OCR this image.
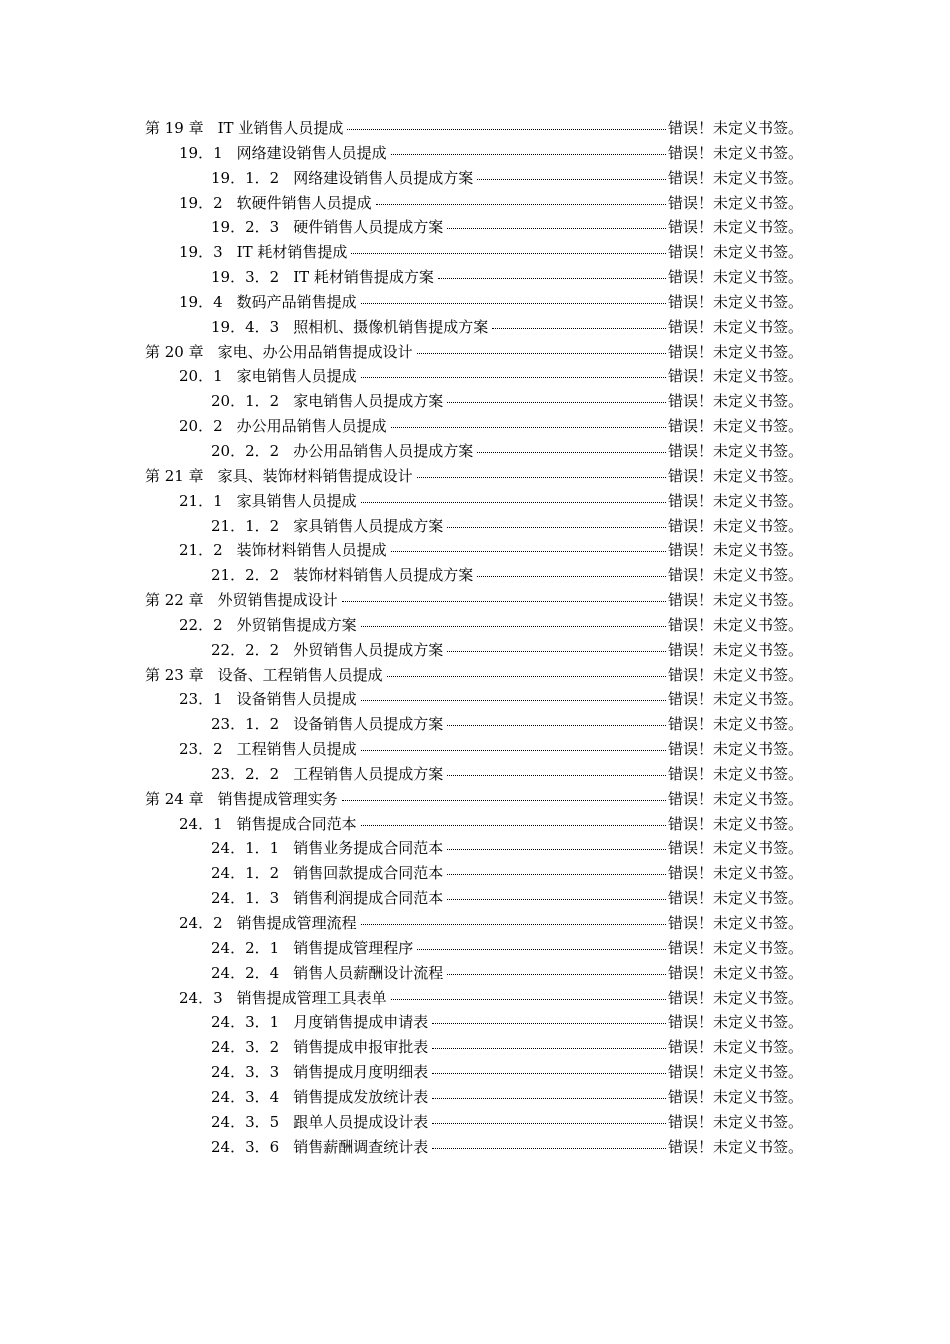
第 19 章 IT 业销售人员提成	错误！未定义书签。
19．1 网络建设销售人员提成	错误！未定义书签。
19．1．2 网络建设销售人员提成方案	错误！未定义书签。
19．2 软硬件销售人员提成	错误！未定义书签。
19．2．3 硬件销售人员提成方案	错误！未定义书签。
19．3 IT 耗材销售提成	错误！未定义书签。
19．3．2 IT 耗材销售提成方案	错误！未定义书签。
19．4 数码产品销售提成	错误！未定义书签。
19．4．3 照相机、摄像机销售提成方案	错误！未定义书签。
第 20 章 家电、办公用品销售提成设计	错误！未定义书签。
20．1 家电销售人员提成	错误！未定义书签。
20．1．2 家电销售人员提成方案	错误！未定义书签。
20．2 办公用品销售人员提成	错误！未定义书签。
20．2．2 办公用品销售人员提成方案	错误！未定义书签。
第 21 章 家具、装饰材料销售提成设计	错误！未定义书签。
21．1 家具销售人员提成	错误！未定义书签。
21．1．2 家具销售人员提成方案	错误！未定义书签。
21．2 装饰材料销售人员提成	错误！未定义书签。
21．2．2 装饰材料销售人员提成方案	错误！未定义书签。
第 22 章 外贸销售提成设计	错误！未定义书签。
22．2 外贸销售提成方案	错误！未定义书签。
22．2．2 外贸销售人员提成方案	错误！未定义书签。
第 23 章 设备、工程销售人员提成	错误！未定义书签。
23．1 设备销售人员提成	错误！未定义书签。
23．1．2 设备销售人员提成方案	错误！未定义书签。
23．2 工程销售人员提成	错误！未定义书签。
23．2．2 工程销售人员提成方案	错误！未定义书签。
第 24 章 销售提成管理实务	错误！未定义书签。
24．1 销售提成合同范本	错误！未定义书签。
24．1．1 销售业务提成合同范本	错误！未定义书签。
24．1．2 销售回款提成合同范本	错误！未定义书签。
24．1．3 销售利润提成合同范本	错误！未定义书签。
24．2 销售提成管理流程	错误！未定义书签。
24．2．1 销售提成管理程序	错误！未定义书签。
24．2．4 销售人员薪酬设计流程	错误！未定义书签。
24．3 销售提成管理工具表单	错误！未定义书签。
24．3．1 月度销售提成申请表	错误！未定义书签。
24．3．2 销售提成申报审批表	错误！未定义书签。
24．3．3 销售提成月度明细表	错误！未定义书签。
24．3．4 销售提成发放统计表	错误！未定义书签。
24．3．5 跟单人员提成设计表	错误！未定义书签。
24．3．6 销售薪酬调查统计表	错误！未定义书签。
